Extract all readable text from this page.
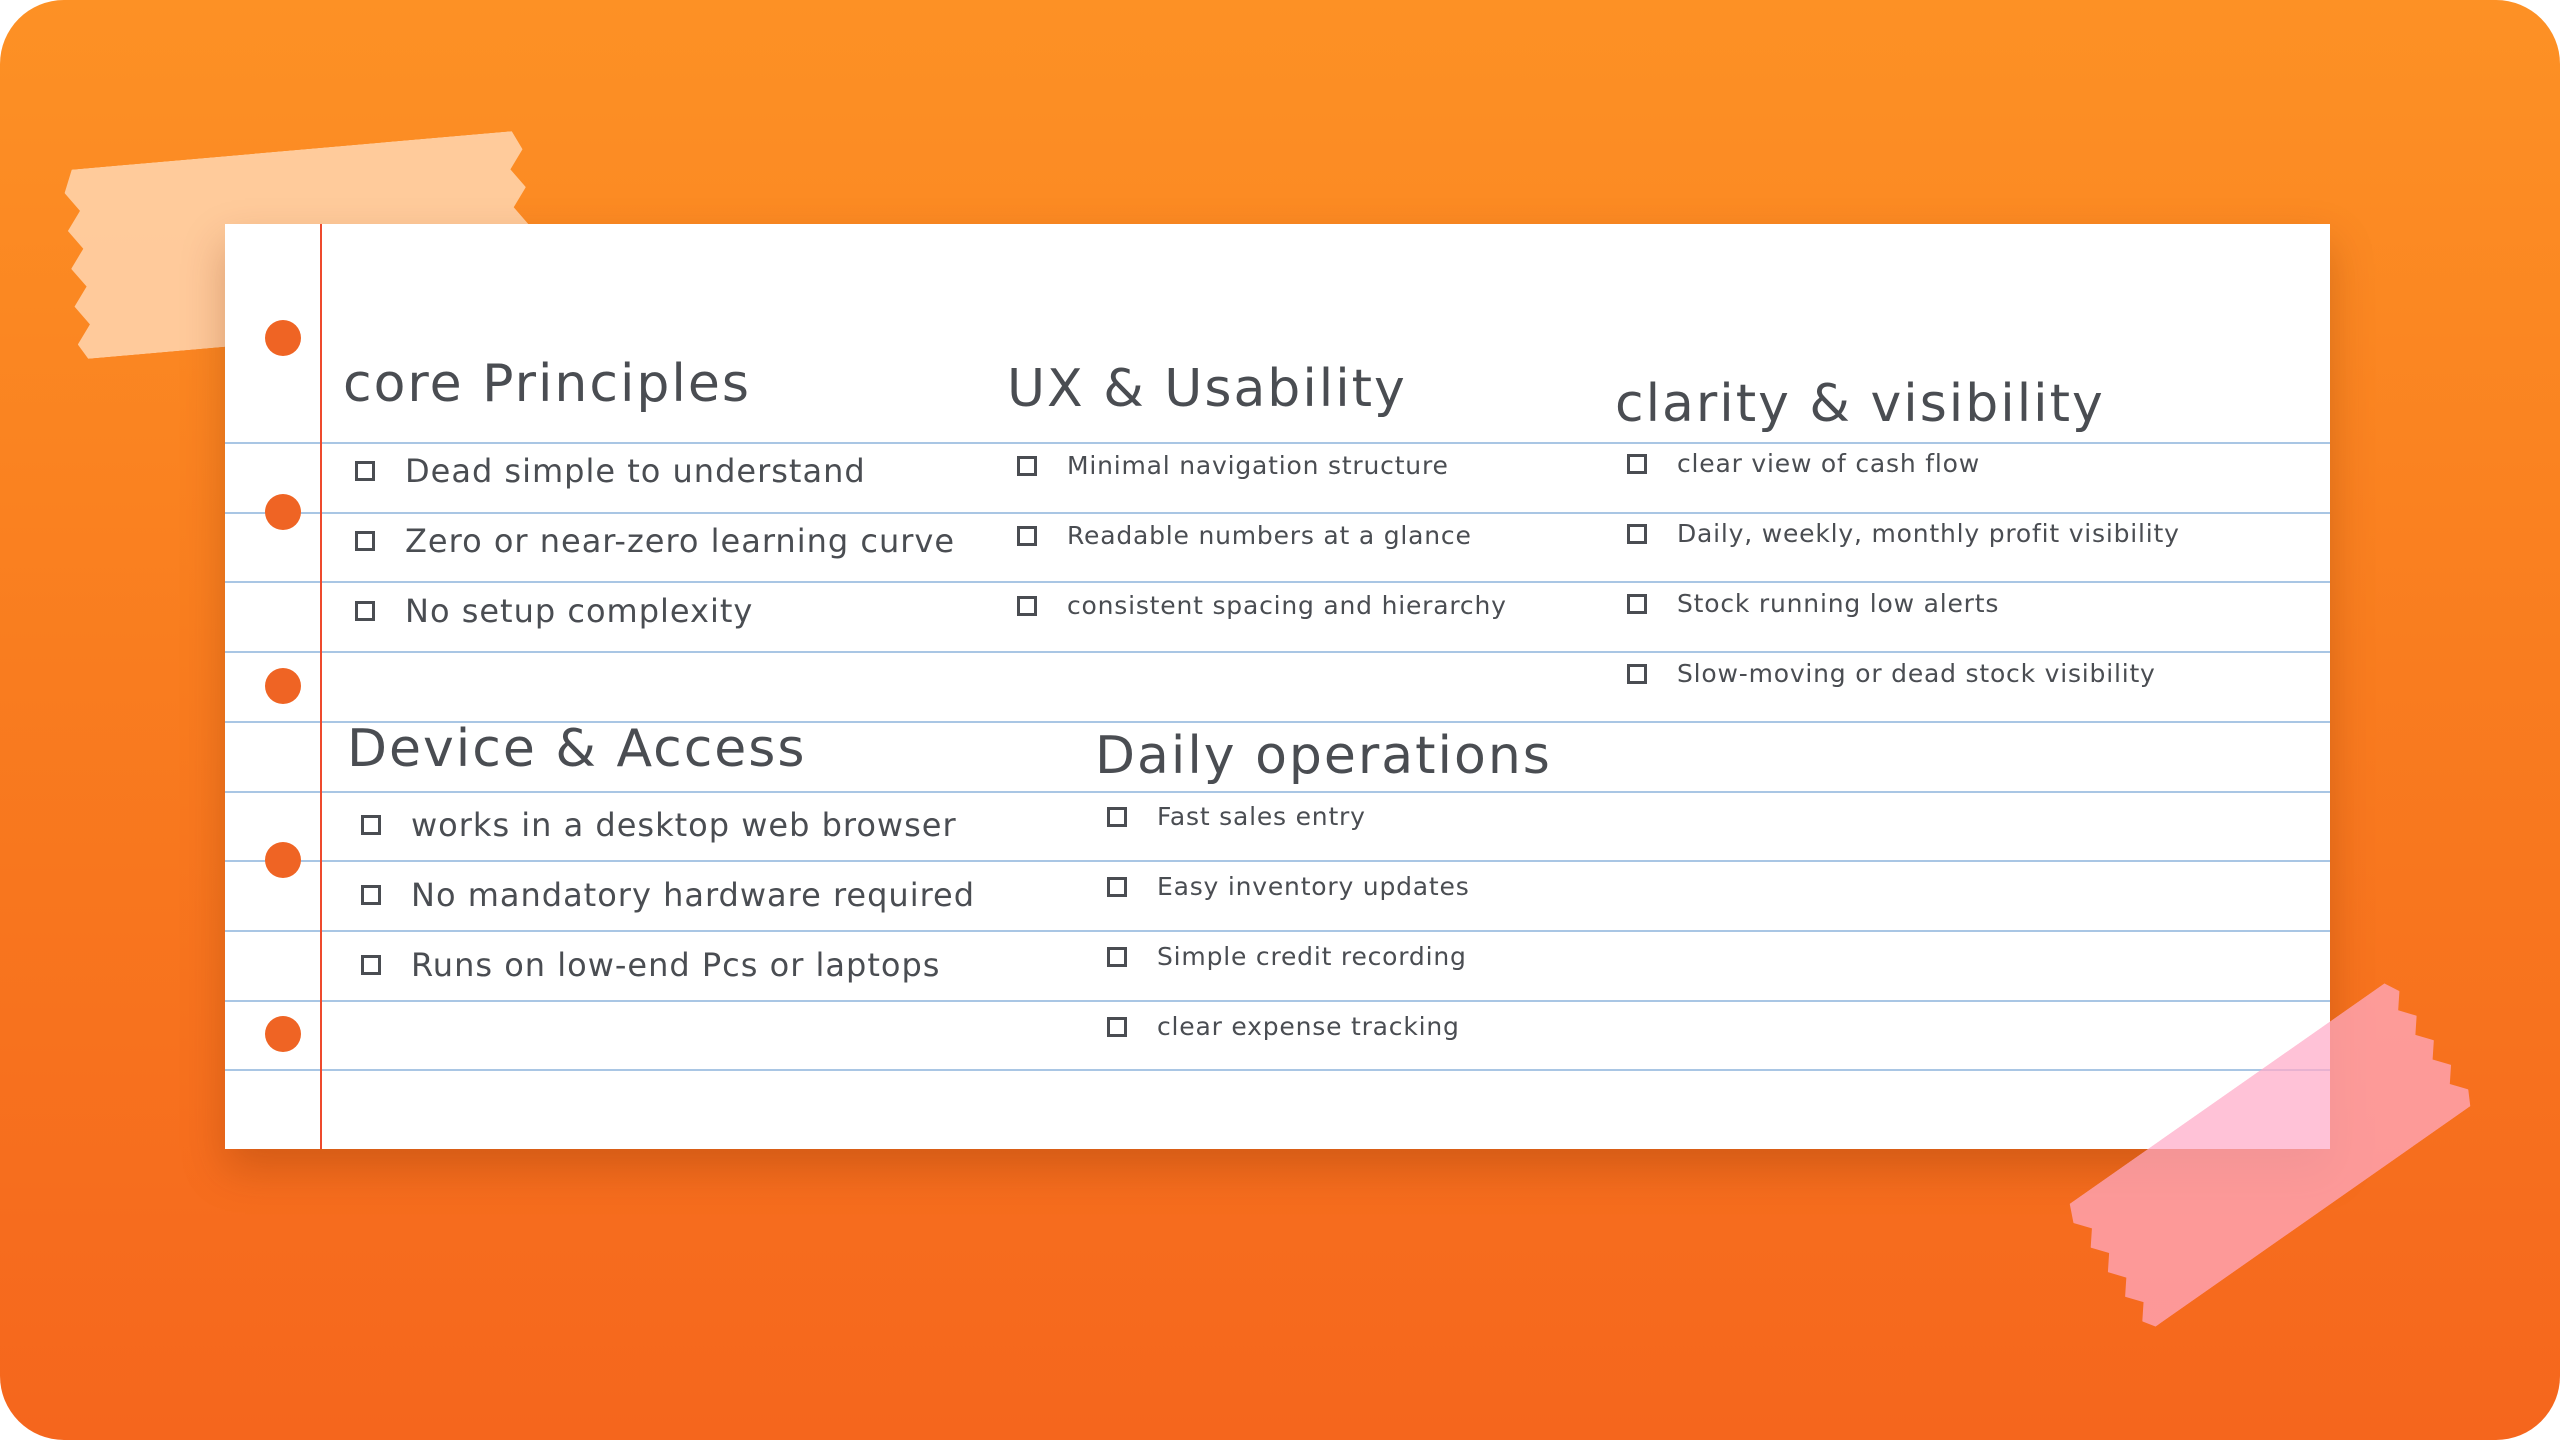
core Principles
Dead simple to understand
Zero or near-zero learning curve
No setup complexity
UX & Usability
Minimal navigation structure
Readable numbers at a glance
consistent spacing and hierarchy
clarity & visibility
clear view of cash flow
Daily, weekly, monthly profit visibility
Stock running low alerts
Slow-moving or dead stock visibility
Device & Access
works in a desktop web browser
No mandatory hardware required
Runs on low-end Pcs or laptops
Daily operations
Fast sales entry
Easy inventory updates
Simple credit recording
clear expense tracking
